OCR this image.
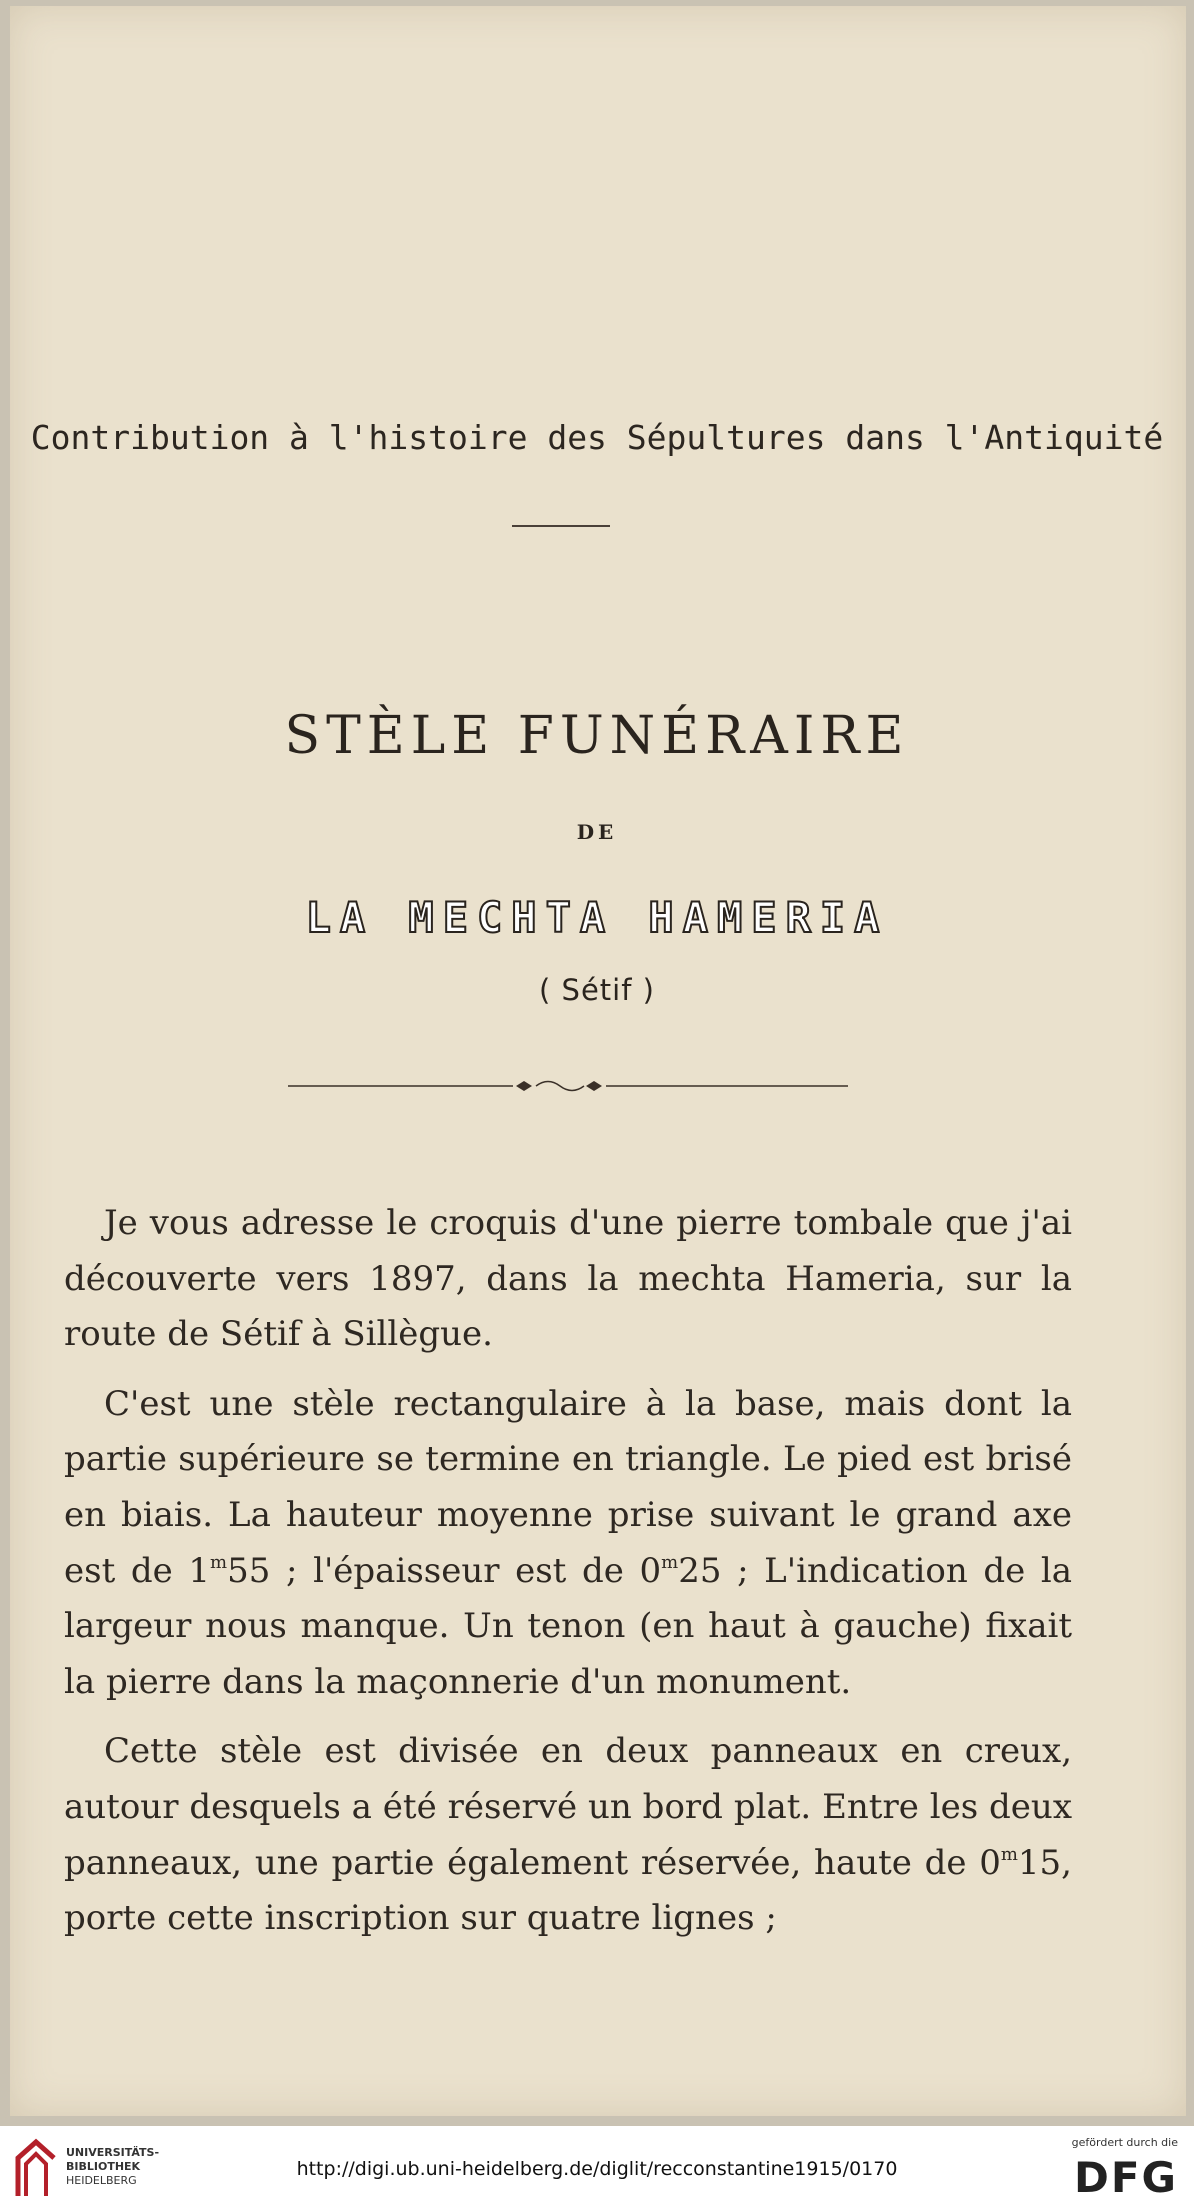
Contribution à l'histoire des Sépultures dans l'Antiquité
STÈLE FUNÉRAIRE
DE
LA MECHTA HAMERIA
( Sétif )

Je vous adresse le croquis d'une pierre tombale que j'ai découverte vers 1897, dans la mechta Hameria, sur la route de Sétif à Sillègue.

C'est une stèle rectangulaire à la base, mais dont la partie supérieure se termine en triangle. Le pied est brisé en biais. La hauteur moyenne prise suivant le grand axe est de 1$^m$55 ; l'épaisseur est de 0$^m$25 ; L'indication de la largeur nous manque. Un tenon (en haut à gauche) fixait la pierre dans la maçonnerie d'un monument.

Cette stèle est divisée en deux panneaux en creux, autour desquels a été réservé un bord plat. Entre les deux panneaux, une partie également réservée, haute de 0$^m$15, porte cette inscription sur quatre lignes ;

UNIVERSITÄTS-
BIBLIOTHEK
HEIDELBERG
http://digi.ub.uni-heidelberg.de/diglit/recconstantine1915/0170
gefördert durch die
DFG
